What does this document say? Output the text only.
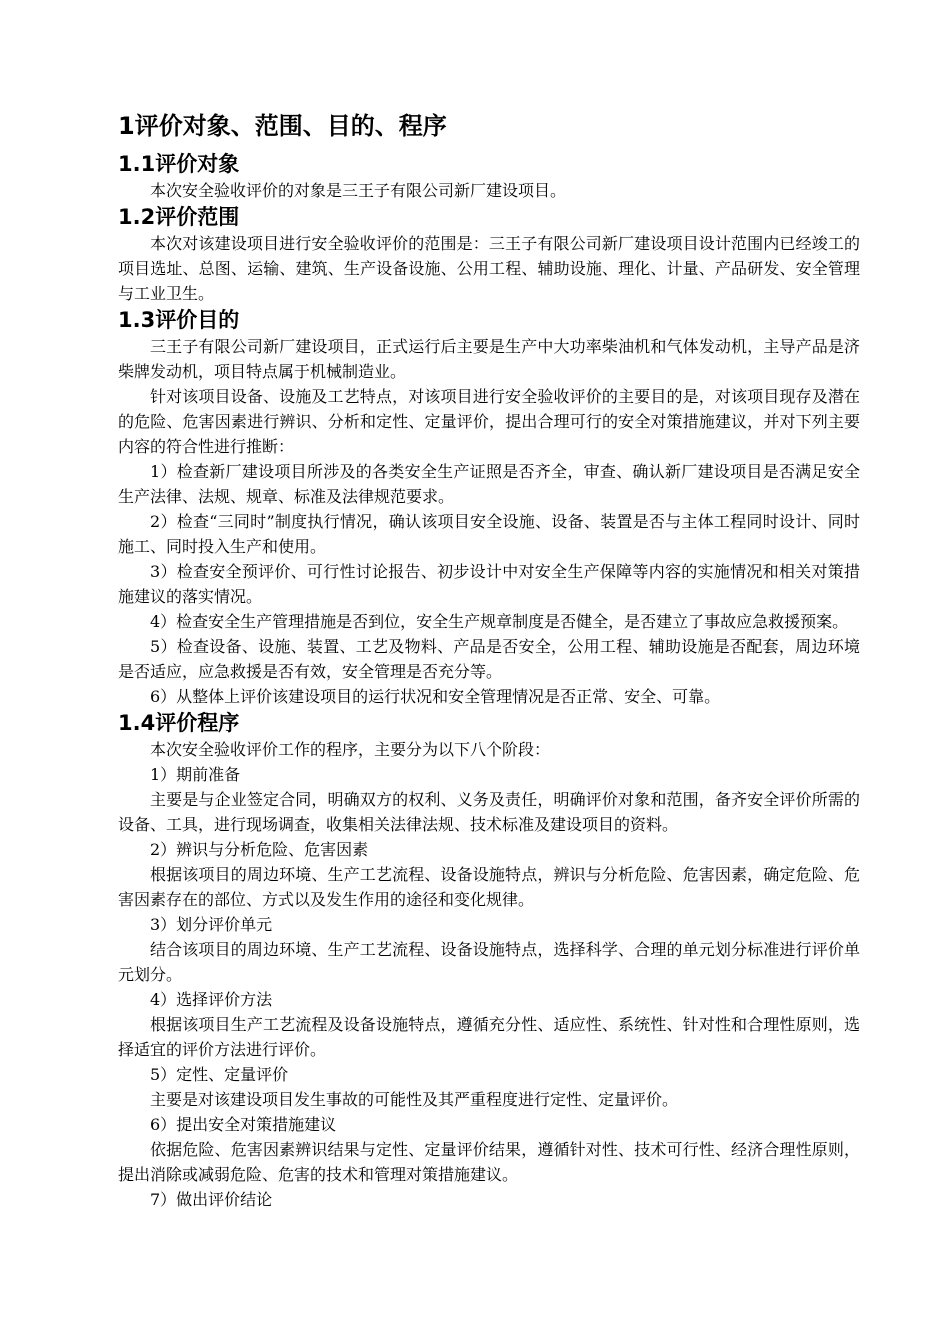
1评价对象、范围、目的、程序
1.1评价对象

本次安全验收评价的对象是三王子有限公司新厂建设项目。

1.2评价范围

本次对该建设项目进行安全验收评价的范围是：三王子有限公司新厂建设项目设计范围内已经竣工的项目选址、总图、运输、建筑、生产设备设施、公用工程、辅助设施、理化、计量、产品研发、安全管理与工业卫生。

1.3评价目的

三王子有限公司新厂建设项目，正式运行后主要是生产中大功率柴油机和气体发动机，主导产品是济柴牌发动机，项目特点属于机械制造业。

针对该项目设备、设施及工艺特点，对该项目进行安全验收评价的主要目的是，对该项目现存及潜在的危险、危害因素进行辨识、分析和定性、定量评价，提出合理可行的安全对策措施建议，并对下列主要内容的符合性进行推断：

1）检查新厂建设项目所涉及的各类安全生产证照是否齐全，审查、确认新厂建设项目是否满足安全生产法律、法规、规章、标准及法律规范要求。

2）检查“三同时”制度执行情况，确认该项目安全设施、设备、装置是否与主体工程同时设计、同时施工、同时投入生产和使用。

3）检查安全预评价、可行性讨论报告、初步设计中对安全生产保障等内容的实施情况和相关对策措施建议的落实情况。

4）检查安全生产管理措施是否到位，安全生产规章制度是否健全，是否建立了事故应急救援预案。

5）检查设备、设施、装置、工艺及物料、产品是否安全，公用工程、辅助设施是否配套，周边环境是否适应，应急救援是否有效，安全管理是否充分等。

6）从整体上评价该建设项目的运行状况和安全管理情况是否正常、安全、可靠。

1.4评价程序

本次安全验收评价工作的程序，主要分为以下八个阶段：

1）期前准备

主要是与企业签定合同，明确双方的权利、义务及责任，明确评价对象和范围，备齐安全评价所需的设备、工具，进行现场调查，收集相关法律法规、技术标准及建设项目的资料。

2）辨识与分析危险、危害因素

根据该项目的周边环境、生产工艺流程、设备设施特点，辨识与分析危险、危害因素，确定危险、危害因素存在的部位、方式以及发生作用的途径和变化规律。

3）划分评价单元

结合该项目的周边环境、生产工艺流程、设备设施特点，选择科学、合理的单元划分标准进行评价单元划分。

4）选择评价方法

根据该项目生产工艺流程及设备设施特点，遵循充分性、适应性、系统性、针对性和合理性原则，选择适宜的评价方法进行评价。

5）定性、定量评价

主要是对该建设项目发生事故的可能性及其严重程度进行定性、定量评价。

6）提出安全对策措施建议

依据危险、危害因素辨识结果与定性、定量评价结果，遵循针对性、技术可行性、经济合理性原则，提出消除或减弱危险、危害的技术和管理对策措施建议。

7）做出评价结论
